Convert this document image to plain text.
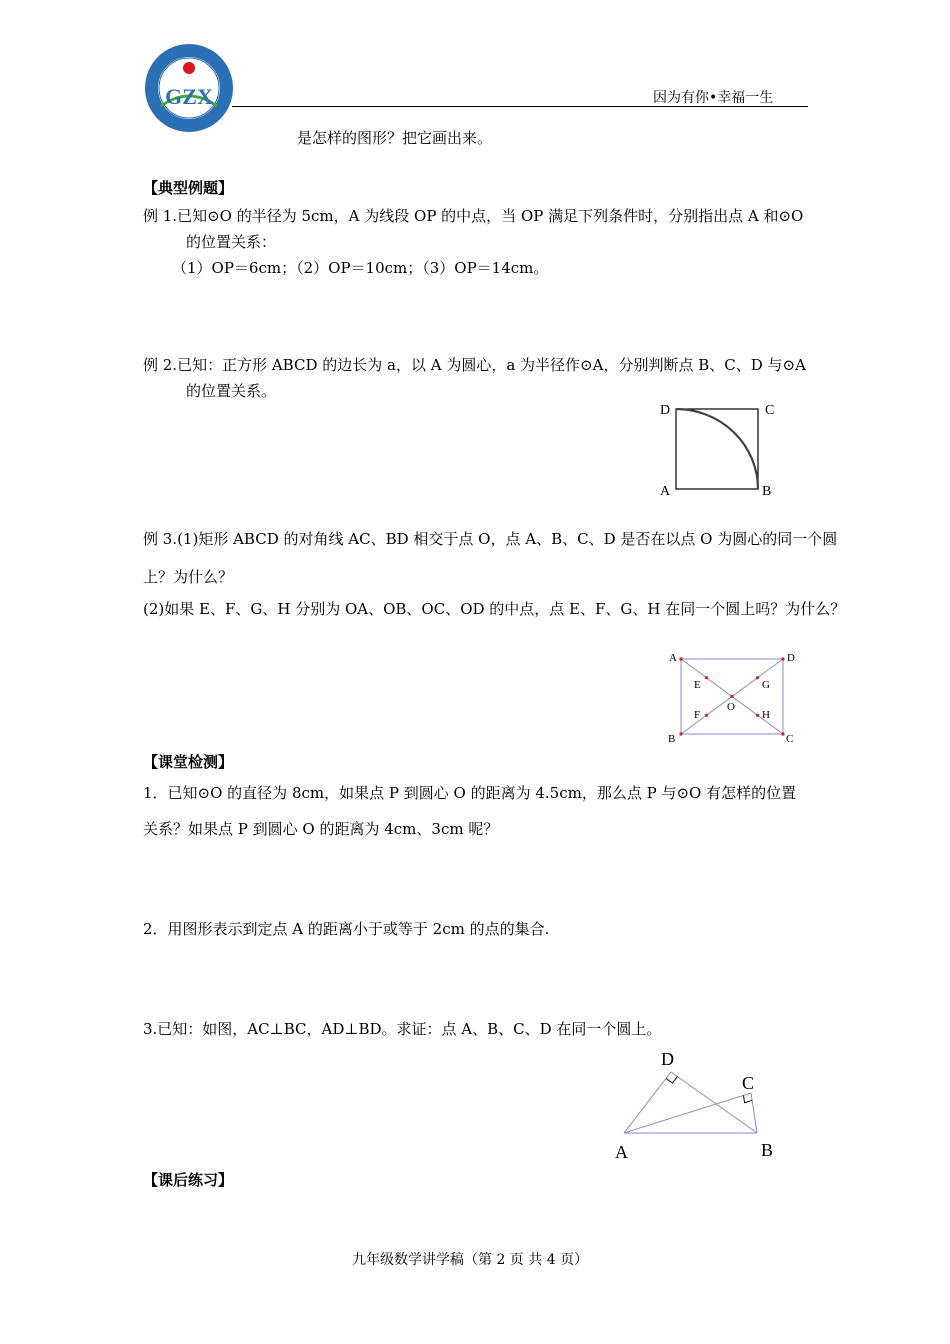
GZX	因为有你•幸福一生
是怎样的图形？把它画出来。
【典型例题】
例 1.已知⊙O 的半径为 5cm，A 为线段 OP 的中点，当 OP 满足下列条件时，分别指出点 A 和⊙O
的位置关系：
（1）OP＝6cm；（2）OP＝10cm；（3）OP＝14cm。
例 2.已知：正方形 ABCD 的边长为 a，以 A 为圆心，a 为半径作⊙A，分别判断点 B、C、D 与⊙A
的位置关系。
D	C
A	B
例 3.(1)矩形 ABCD 的对角线 AC、BD 相交于点 O，点 A、B、C、D 是否在以点 O 为圆心的同一个圆
上？为什么？
(2)如果 E、F、G、H 分别为 OA、OB、OC、OD 的中点，点 E、F、G、H 在同一个圆上吗？为什么？
A	D
B	C
E	G
F	H
O
【课堂检测】
1．已知⊙O 的直径为 8cm，如果点 P 到圆心 O 的距离为 4.5cm，那么点 P 与⊙O 有怎样的位置
关系？如果点 P 到圆心 O 的距离为 4cm、3cm 呢？
2．用图形表示到定点 A 的距离小于或等于 2cm 的点的集合.
3.已知：如图，AC⊥BC，AD⊥BD。求证：点 A、B、C、D 在同一个圆上。
D
C
A	B
【课后练习】
九年级数学讲学稿（第 2 页 共 4 页）
